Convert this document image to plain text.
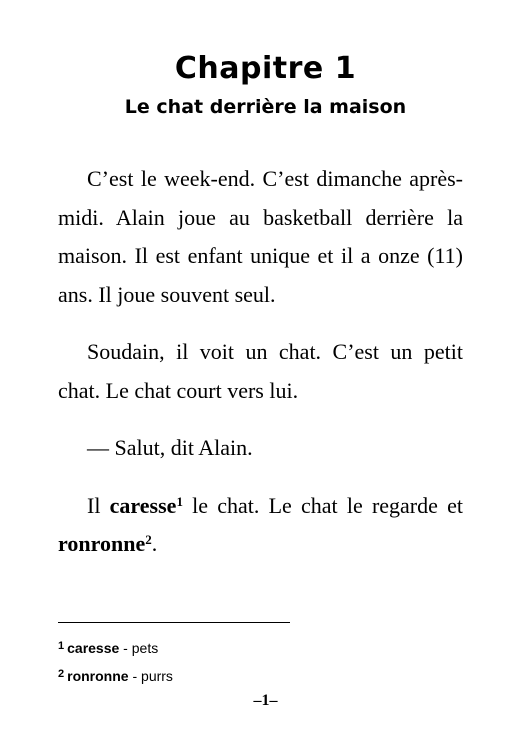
Chapitre 1
Le chat derrière la maison

C’est le week-end. C’est dimanche après-midi. Alain joue au basketball derrière la maison. Il est enfant unique et il a onze (11) ans. Il joue souvent seul.

Soudain, il voit un chat. C’est un petit chat. Le chat court vers lui.

— Salut, dit Alain.

Il caresse$^1$ le chat. Le chat le regarde et ronronne$^2$.

$^1$ caresse - pets
$^2$ ronronne - purrs
–1–
